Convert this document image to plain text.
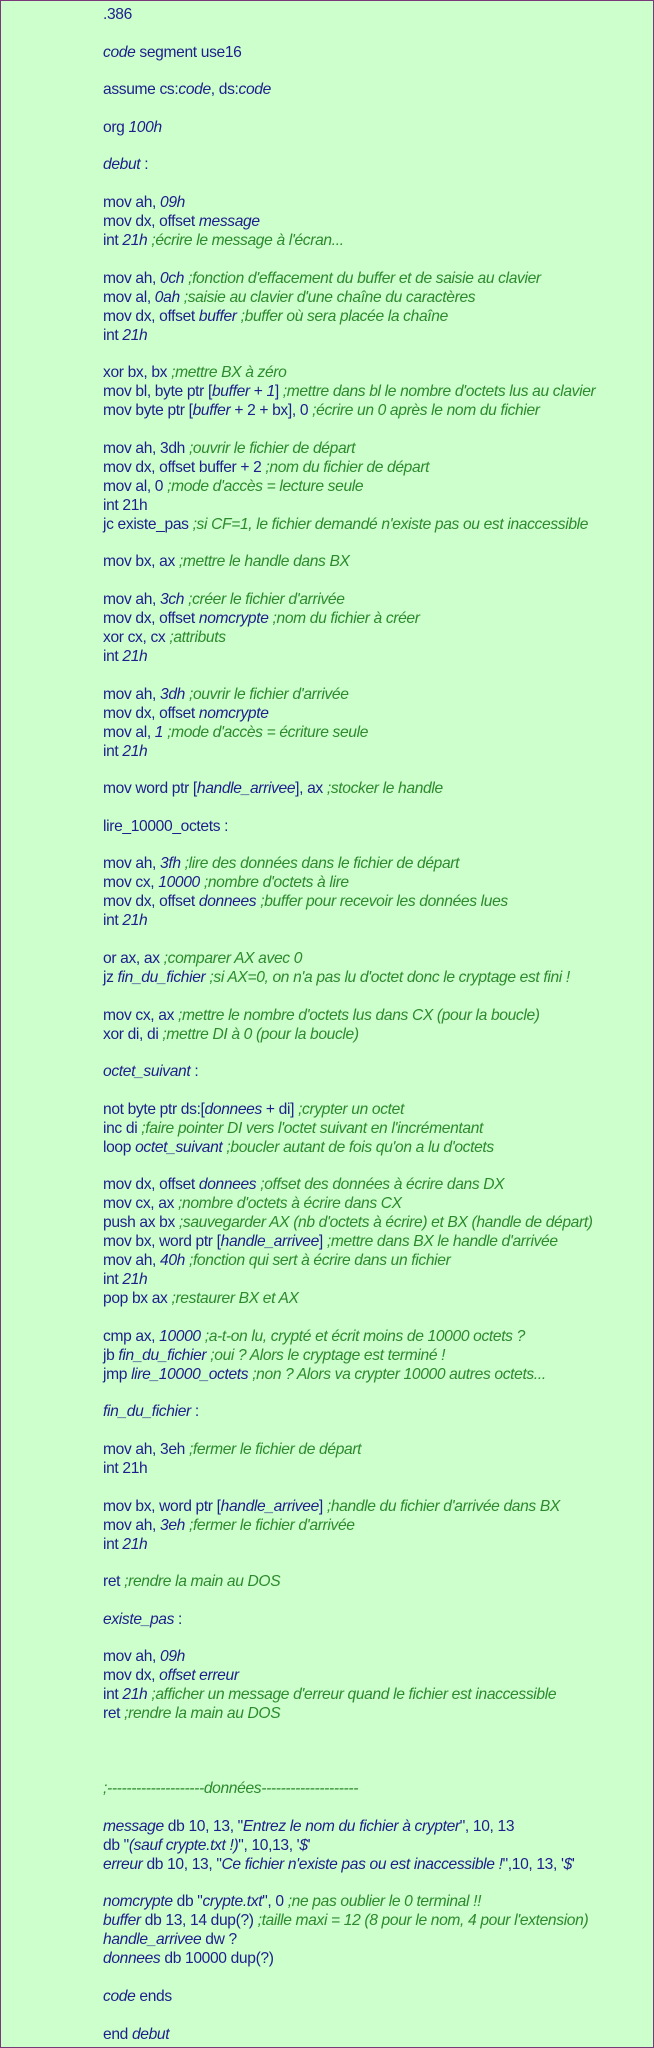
.386
code segment use16
assume cs:code, ds:code
org 100h
debut :
mov ah, 09h
mov dx, offset message
int 21h ;écrire le message à l'écran...
mov ah, 0ch ;fonction d'effacement du buffer et de saisie au clavier
mov al, 0ah ;saisie au clavier d'une chaîne du caractères
mov dx, offset buffer ;buffer où sera placée la chaîne
int 21h
xor bx, bx ;mettre BX à zéro
mov bl, byte ptr [buffer + 1] ;mettre dans bl le nombre d'octets lus au clavier
mov byte ptr [buffer + 2 + bx], 0 ;écrire un 0 après le nom du fichier
mov ah, 3dh ;ouvrir le fichier de départ
mov dx, offset buffer + 2 ;nom du fichier de départ
mov al, 0 ;mode d'accès = lecture seule
int 21h
jc existe_pas ;si CF=1, le fichier demandé n'existe pas ou est inaccessible
mov bx, ax ;mettre le handle dans BX
mov ah, 3ch ;créer le fichier d'arrivée
mov dx, offset nomcrypte ;nom du fichier à créer
xor cx, cx ;attributs
int 21h
mov ah, 3dh ;ouvrir le fichier d'arrivée
mov dx, offset nomcrypte
mov al, 1 ;mode d'accès = écriture seule
int 21h
mov word ptr [handle_arrivee], ax ;stocker le handle
lire_10000_octets :
mov ah, 3fh ;lire des données dans le fichier de départ
mov cx, 10000 ;nombre d'octets à lire
mov dx, offset donnees ;buffer pour recevoir les données lues
int 21h
or ax, ax ;comparer AX avec 0
jz fin_du_fichier ;si AX=0, on n'a pas lu d'octet donc le cryptage est fini !
mov cx, ax ;mettre le nombre d'octets lus dans CX (pour la boucle)
xor di, di ;mettre DI à 0 (pour la boucle)
octet_suivant :
not byte ptr ds:[donnees + di] ;crypter un octet
inc di ;faire pointer DI vers l'octet suivant en l'incrémentant
loop octet_suivant ;boucler autant de fois qu'on a lu d'octets
mov dx, offset donnees ;offset des données à écrire dans DX
mov cx, ax ;nombre d'octets à écrire dans CX
push ax bx ;sauvegarder AX (nb d'octets à écrire) et BX (handle de départ)
mov bx, word ptr [handle_arrivee] ;mettre dans BX le handle d'arrivée
mov ah, 40h ;fonction qui sert à écrire dans un fichier
int 21h
pop bx ax ;restaurer BX et AX
cmp ax, 10000 ;a-t-on lu, crypté et écrit moins de 10000 octets ?
jb fin_du_fichier ;oui ? Alors le cryptage est terminé !
jmp lire_10000_octets ;non ? Alors va crypter 10000 autres octets...
fin_du_fichier :
mov ah, 3eh ;fermer le fichier de départ
int 21h
mov bx, word ptr [handle_arrivee] ;handle du fichier d'arrivée dans BX
mov ah, 3eh ;fermer le fichier d'arrivée
int 21h
ret ;rendre la main au DOS
existe_pas :
mov ah, 09h
mov dx, offset erreur
int 21h ;afficher un message d'erreur quand le fichier est inaccessible
ret ;rendre la main au DOS
;--------------------données--------------------
message db 10, 13, "Entrez le nom du fichier à crypter", 10, 13
db "(sauf crypte.txt !)", 10,13, '$'
erreur db 10, 13, "Ce fichier n'existe pas ou est inaccessible !",10, 13, '$'
nomcrypte db "crypte.txt", 0 ;ne pas oublier le 0 terminal !!
buffer db 13, 14 dup(?) ;taille maxi = 12 (8 pour le nom, 4 pour l'extension)
handle_arrivee dw ?
donnees db 10000 dup(?)
code ends
end debut
